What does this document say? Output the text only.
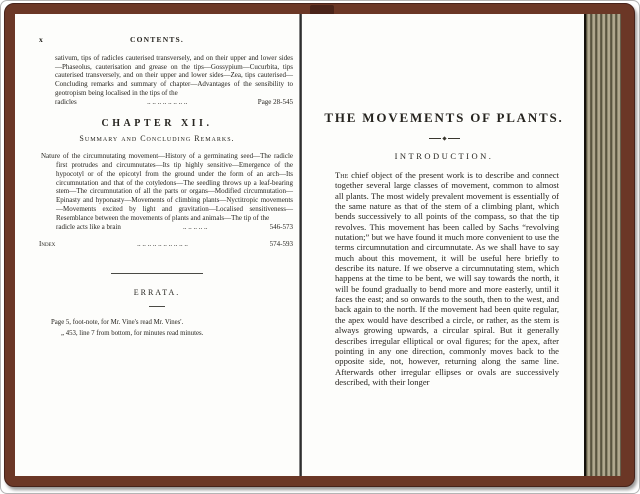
x	CONTENTS.
sativum, tips of radicles cauterised transversely, and on their upper and lower sides—Phaseolus, cauterisation and grease on the tips—Gossypium—Cucurbita, tips cauterised transversely, and on their upper and lower sides—Zea, tips cauterised—Concluding remarks and summary of chapter—Advantages of the sensibility to geotropism being localised in the tips of the
radicles	.. .. .. .. .. .. .. ..	Page 28-545
CHAPTER XII.
Summary and Concluding Remarks.
Nature of the circumnutating movement—History of a germinating seed—The radicle first protrudes and circumnutates—Its tip highly sensitive—Emergence of the hypocotyl or of the epicotyl from the ground under the form of an arch—Its circumnutation and that of the cotyledons—The seedling throws up a leaf-bearing stem—The circumnutation of all the parts or organs—Modified circumnutation—Epinasty and hyponasty—Movements of climbing plants—Nyctitropic movements—Movements excited by light and gravitation—Localised sensitiveness—Resemblance between the movements of plants and animals—The tip of the
radicle acts like a brain	.. .. .. .. ..	546-573
Index	.. .. .. .. .. .. .. .. .. ..	574-593
ERRATA.
Page 5, foot-note, for Mr. Vine's read Mr. Vines'.
„ 453, line 7 from bottom, for minutes read minutes.
THE MOVEMENTS OF PLANTS.
INTRODUCTION.
The chief object of the present work is to describe and connect together several large classes of movement, common to almost all plants. The most widely prevalent movement is essentially of the same nature as that of the stem of a climbing plant, which bends successively to all points of the compass, so that the tip revolves. This movement has been called by Sachs “revolving nutation;” but we have found it much more convenient to use the terms circumnutation and circumnutate. As we shall have to say much about this movement, it will be useful here briefly to describe its nature. If we observe a circumnutating stem, which happens at the time to be bent, we will say towards the north, it will be found gradually to bend more and more easterly, until it faces the east; and so onwards to the south, then to the west, and back again to the north. If the movement had been quite regular, the apex would have described a circle, or rather, as the stem is always growing upwards, a circular spiral. But it generally describes irregular elliptical or oval figures; for the apex, after pointing in any one direction, commonly moves back to the opposite side, not, however, returning along the same line. Afterwards other irregular ellipses or ovals are successively described, with their longer
